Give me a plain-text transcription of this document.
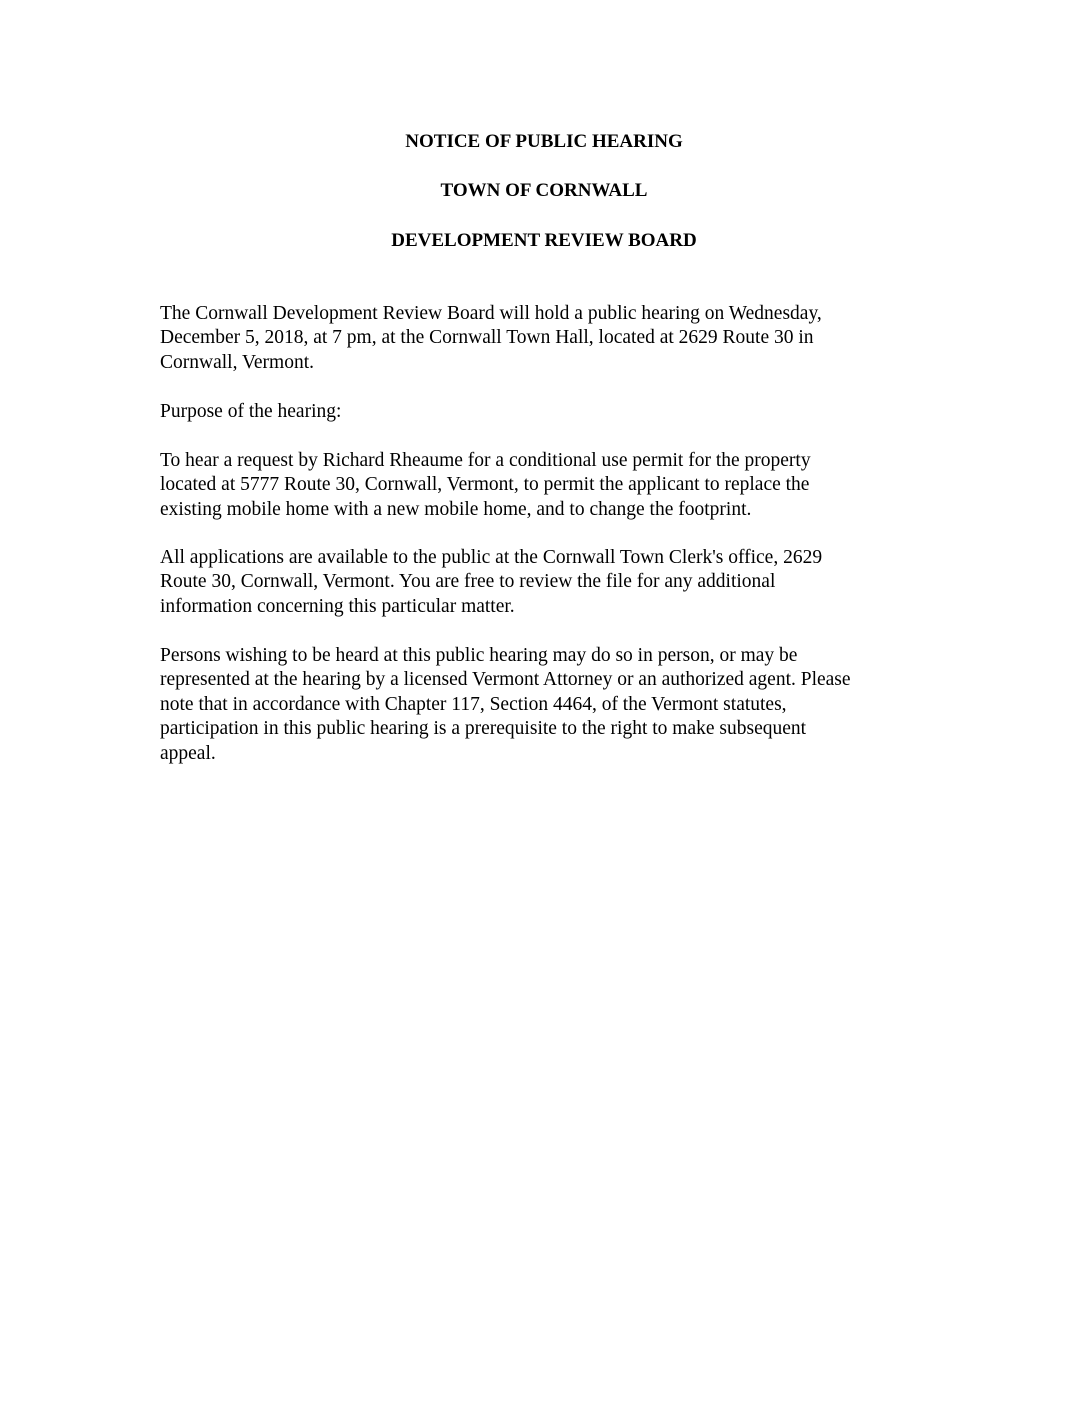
NOTICE OF PUBLIC HEARING
TOWN OF CORNWALL
DEVELOPMENT REVIEW BOARD

The Cornwall Development Review Board will hold a public hearing on Wednesday,
December 5, 2018, at 7 pm, at the Cornwall Town Hall, located at 2629 Route 30 in
Cornwall, Vermont.

Purpose of the hearing:

To hear a request by Richard Rheaume for a conditional use permit for the property
located at 5777 Route 30, Cornwall, Vermont, to permit the applicant to replace the
existing mobile home with a new mobile home, and to change the footprint.

All applications are available to the public at the Cornwall Town Clerk's office, 2629
Route 30, Cornwall, Vermont. You are free to review the file for any additional
information concerning this particular matter.

Persons wishing to be heard at this public hearing may do so in person, or may be
represented at the hearing by a licensed Vermont Attorney or an authorized agent. Please
note that in accordance with Chapter 117, Section 4464, of the Vermont statutes,
participation in this public hearing is a prerequisite to the right to make subsequent
appeal.
